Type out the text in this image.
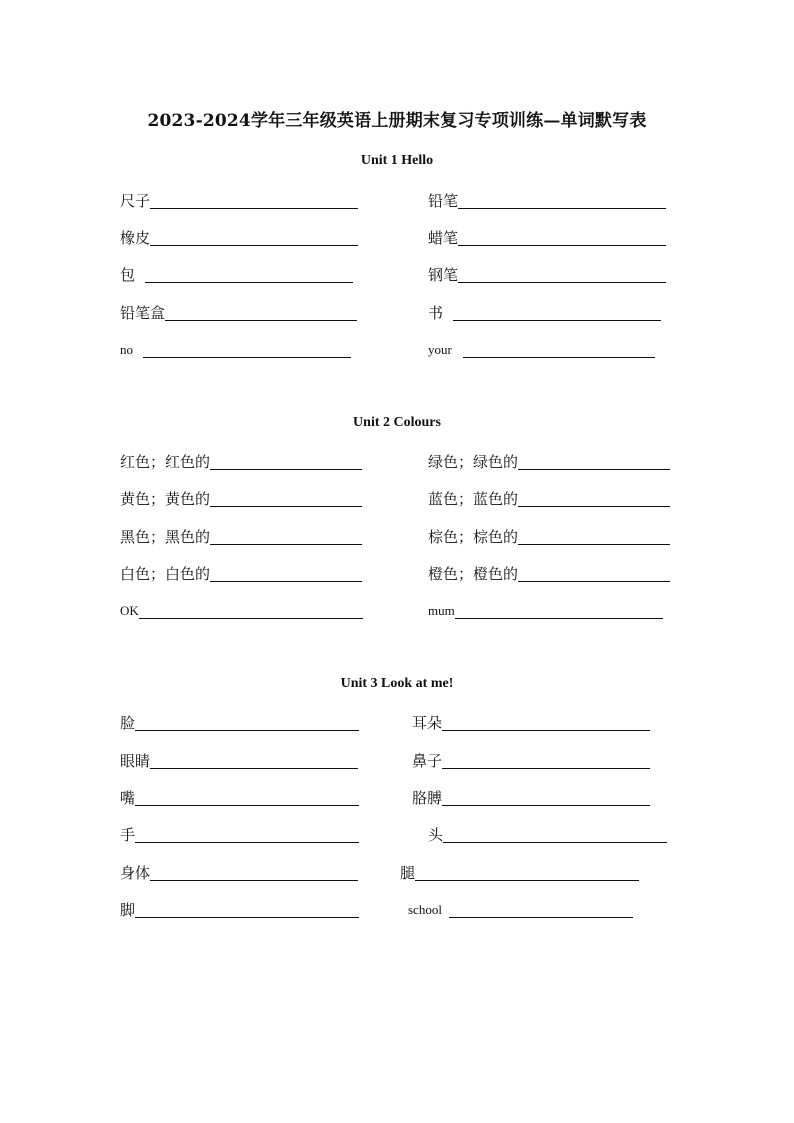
2023-2024学年三年级英语上册期末复习专项训练—单词默写表
Unit 1 Hello
尺子	铅笔
橡皮	蜡笔
包	钢笔
铅笔盒	书
no	your
Unit 2 Colours
红色；红色的	绿色；绿色的
黄色；黄色的	蓝色；蓝色的
黑色；黑色的	棕色；棕色的
白色；白色的	橙色；橙色的
OK	mum
Unit 3 Look at me!
脸	耳朵
眼睛	鼻子
嘴	胳膊
手	头
身体	腿
脚	school
